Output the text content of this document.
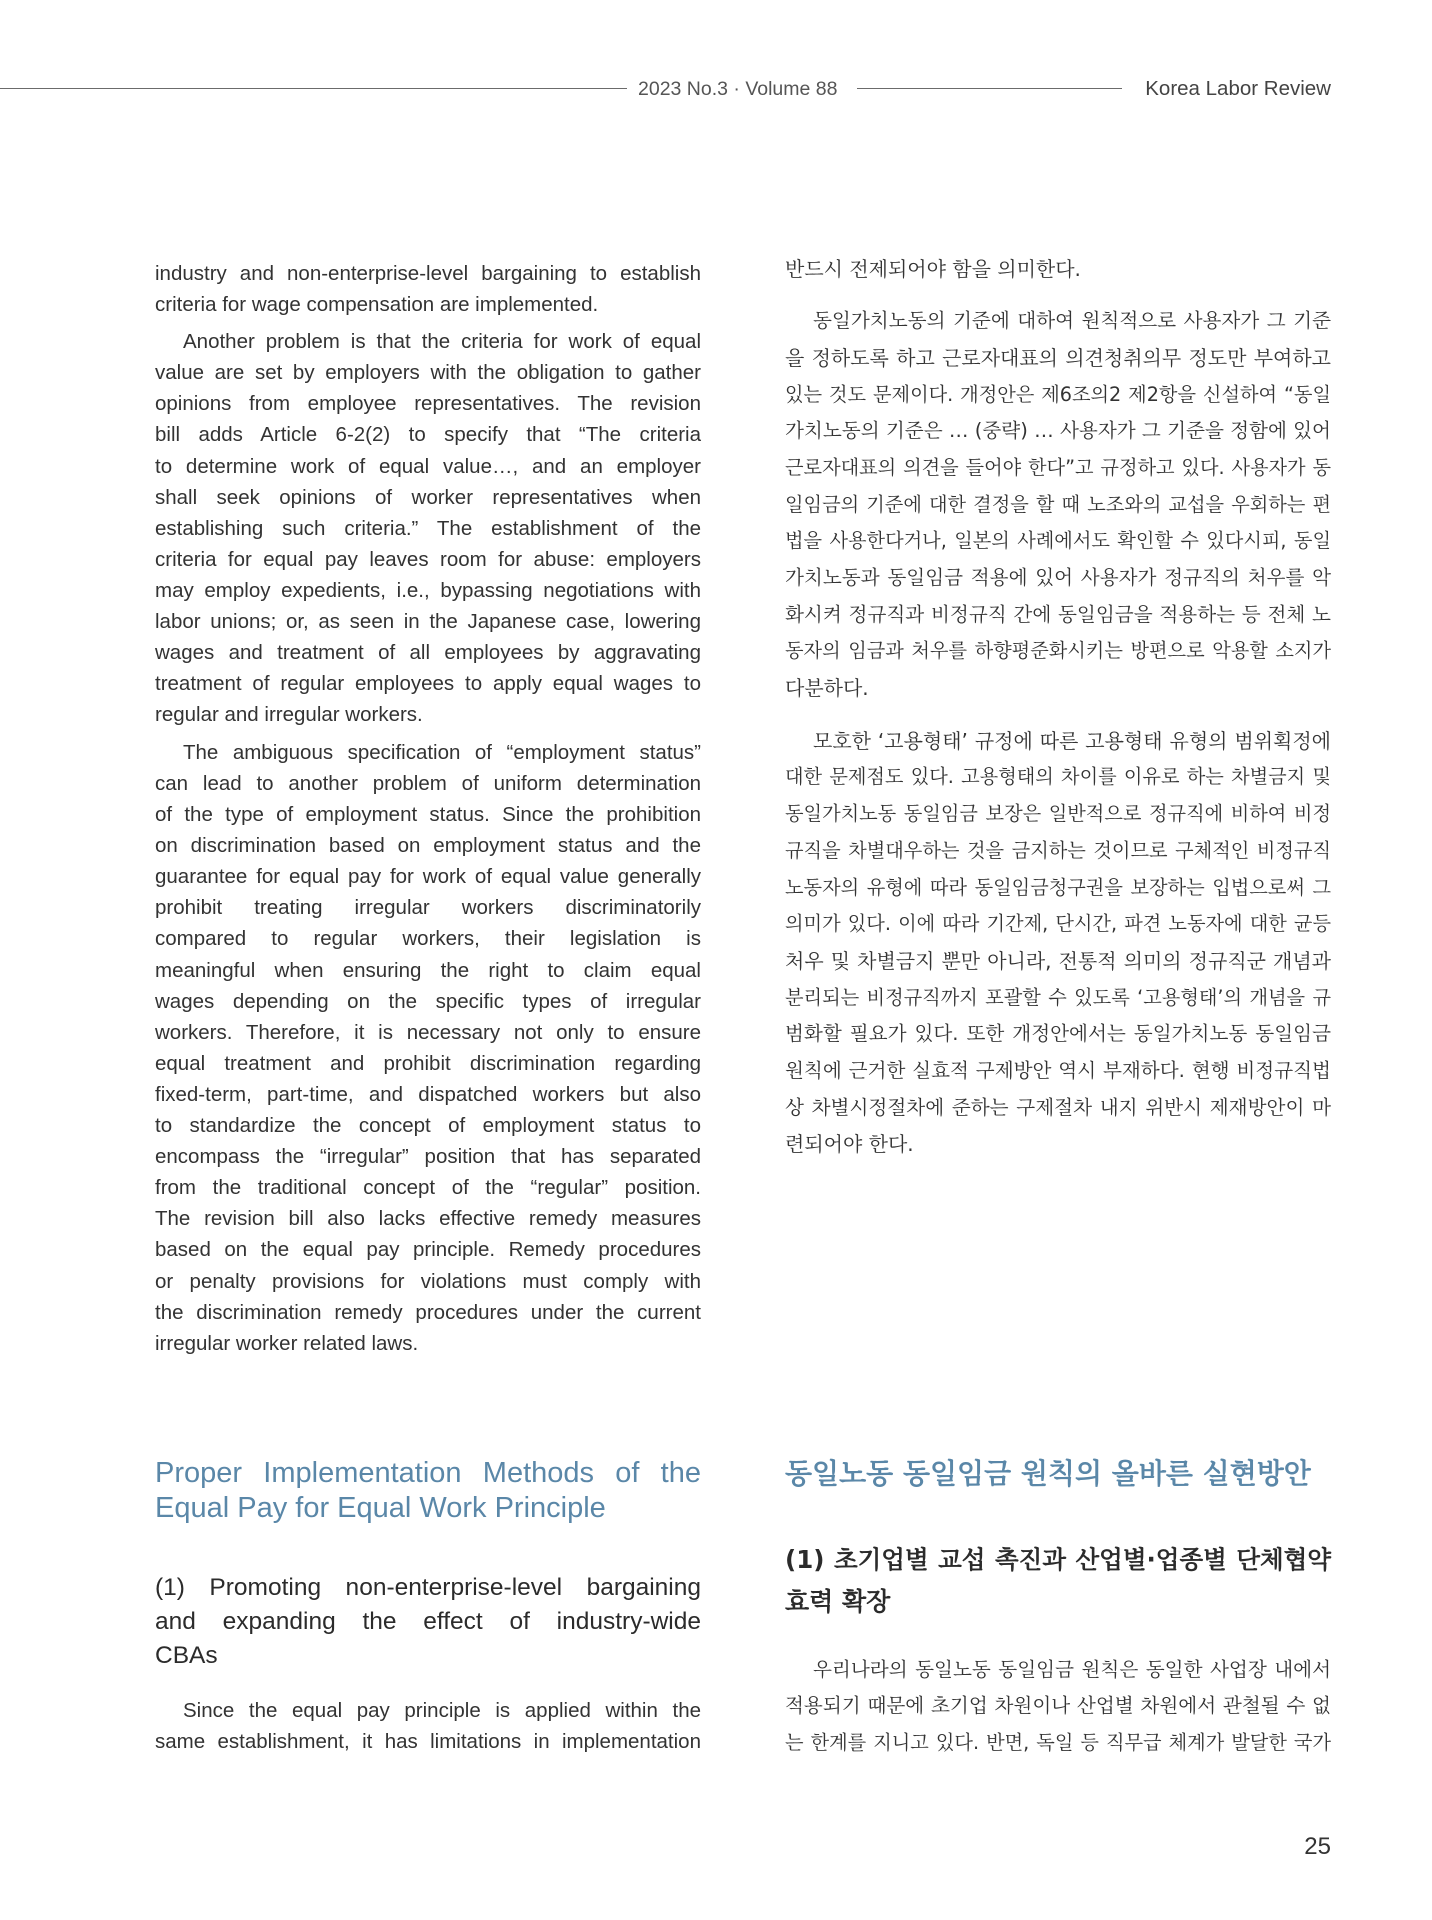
2023 No.3 · Volume 88	Korea Labor Review
industry and non-enterprise-level bargaining to establish
criteria for wage compensation are implemented.
Another problem is that the criteria for work of equal
value are set by employers with the obligation to gather
opinions from employee representatives. The revision
bill adds Article 6-2(2) to specify that “The criteria
to determine work of equal value…, and an employer
shall seek opinions of worker representatives when
establishing such criteria.” The establishment of the
criteria for equal pay leaves room for abuse: employers
may employ expedients, i.e., bypassing negotiations with
labor unions; or, as seen in the Japanese case, lowering
wages and treatment of all employees by aggravating
treatment of regular employees to apply equal wages to
regular and irregular workers.
The ambiguous specification of “employment status”
can lead to another problem of uniform determination
of the type of employment status. Since the prohibition
on discrimination based on employment status and the
guarantee for equal pay for work of equal value generally
prohibit treating irregular workers discriminatorily
compared to regular workers, their legislation is
meaningful when ensuring the right to claim equal
wages depending on the specific types of irregular
workers. Therefore, it is necessary not only to ensure
equal treatment and prohibit discrimination regarding
fixed-term, part-time, and dispatched workers but also
to standardize the concept of employment status to
encompass the “irregular” position that has separated
from the traditional concept of the “regular” position.
The revision bill also lacks effective remedy measures
based on the equal pay principle. Remedy procedures
or penalty provisions for violations must comply with
the discrimination remedy procedures under the current
irregular worker related laws.
Proper Implementation Methods of the
Equal Pay for Equal Work Principle
(1) Promoting non-enterprise-level bargaining
and expanding the effect of industry-wide
CBAs
Since the equal pay principle is applied within the
same establishment, it has limitations in implementation
반드시 전제되어야 함을 의미한다.
동일가치노동의 기준에 대하여 원칙적으로 사용자가 그 기준
을 정하도록 하고 근로자대표의 의견청취의무 정도만 부여하고
있는 것도 문제이다. 개정안은 제6조의2 제2항을 신설하여 “동일
가치노동의 기준은 … (중략) … 사용자가 그 기준을 정함에 있어
근로자대표의 의견을 들어야 한다”고 규정하고 있다. 사용자가 동
일임금의 기준에 대한 결정을 할 때 노조와의 교섭을 우회하는 편
법을 사용한다거나, 일본의 사례에서도 확인할 수 있다시피, 동일
가치노동과 동일임금 적용에 있어 사용자가 정규직의 처우를 악
화시켜 정규직과 비정규직 간에 동일임금을 적용하는 등 전체 노
동자의 임금과 처우를 하향평준화시키는 방편으로 악용할 소지가
다분하다.
모호한 ‘고용형태’ 규정에 따른 고용형태 유형의 범위획정에
대한 문제점도 있다. 고용형태의 차이를 이유로 하는 차별금지 및
동일가치노동 동일임금 보장은 일반적으로 정규직에 비하여 비정
규직을 차별대우하는 것을 금지하는 것이므로 구체적인 비정규직
노동자의 유형에 따라 동일임금청구권을 보장하는 입법으로써 그
의미가 있다. 이에 따라 기간제, 단시간, 파견 노동자에 대한 균등
처우 및 차별금지 뿐만 아니라, 전통적 의미의 정규직군 개념과
분리되는 비정규직까지 포괄할 수 있도록 ‘고용형태’의 개념을 규
범화할 필요가 있다. 또한 개정안에서는 동일가치노동 동일임금
원칙에 근거한 실효적 구제방안 역시 부재하다. 현행 비정규직법
상 차별시정절차에 준하는 구제절차 내지 위반시 제재방안이 마
련되어야 한다.
동일노동 동일임금 원칙의 올바른 실현방안
(1) 초기업별 교섭 촉진과 산업별·업종별 단체협약
효력 확장
우리나라의 동일노동 동일임금 원칙은 동일한 사업장 내에서
적용되기 때문에 초기업 차원이나 산업별 차원에서 관철될 수 없
는 한계를 지니고 있다. 반면, 독일 등 직무급 체계가 발달한 국가
25
